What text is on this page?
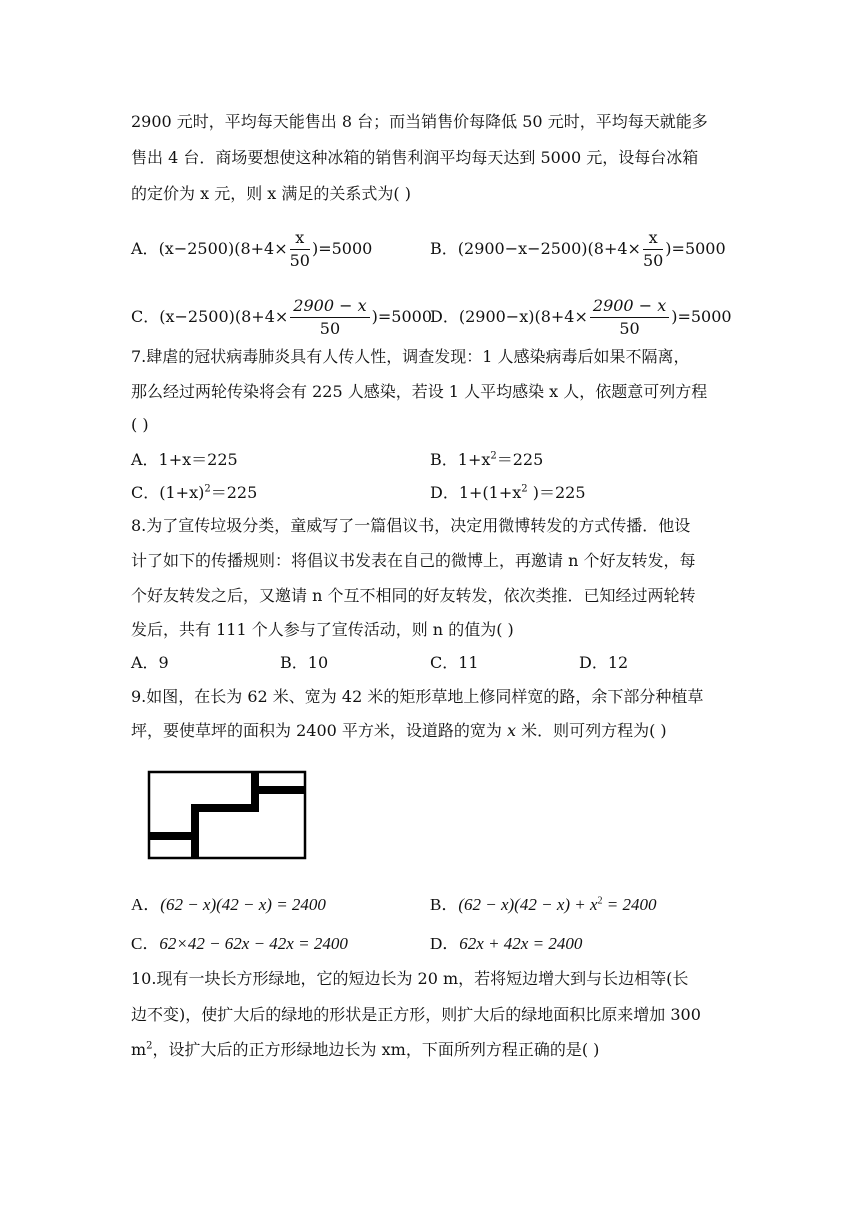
2900 元时，平均每天能售出 8 台；而当销售价每降低 50 元时，平均每天就能多
售出 4 台．商场要想使这种冰箱的销售利润平均每天达到 5000 元，设每台冰箱
的定价为 x 元，则 x 满足的关系式为( )
A．$(x-2500)(8+4\times \frac{x}{50} )=5000$	B．$(2900-x-2500)(8+4\times \frac{x}{50} )=5000$
C．$(x-2500)(8+4\times \frac{2900 - x}{50} )=5000$
D．$(2900-x)(8+4\times \frac{2900 - x}{50} )=5000$
7.肆虐的冠状病毒肺炎具有人传人性，调查发现：1 人感染病毒后如果不隔离，
那么经过两轮传染将会有 225 人感染，若设 1 人平均感染 x 人，依题意可列方程
( )
A．1+x＝225	B．$1+x^2=225$
C．$(1+x)^2=225$	D．$1+(1+x^2$ )＝225
8.为了宣传垃圾分类，童威写了一篇倡议书，决定用微博转发的方式传播．他设
计了如下的传播规则：将倡议书发表在自己的微博上，再邀请 n 个好友转发，每
个好友转发之后，又邀请 n 个互不相同的好友转发，依次类推．已知经过两轮转
发后，共有 111 个人参与了宣传活动，则 n 的值为( )
A．9	B．10	C．11	D．12
9.如图，在长为 62 米、宽为 42 米的矩形草地上修同样宽的路，余下部分种植草
坪，要使草坪的面积为 2400 平方米，设道路的宽为 x 米．则可列方程为( )
A．(62 − x)(42 − x) = 2400	B．$(62 - x)(42 - x) + x^2 = 2400$
C．62×42 − 62x − 42x = 2400	D．62x + 42x = 2400
10.现有一块长方形绿地，它的短边长为 20 m，若将短边增大到与长边相等(长
边不变)，使扩大后的绿地的形状是正方形，则扩大后的绿地面积比原来增加 300
$m^2$，设扩大后的正方形绿地边长为 xm，下面所列方程正确的是( )
